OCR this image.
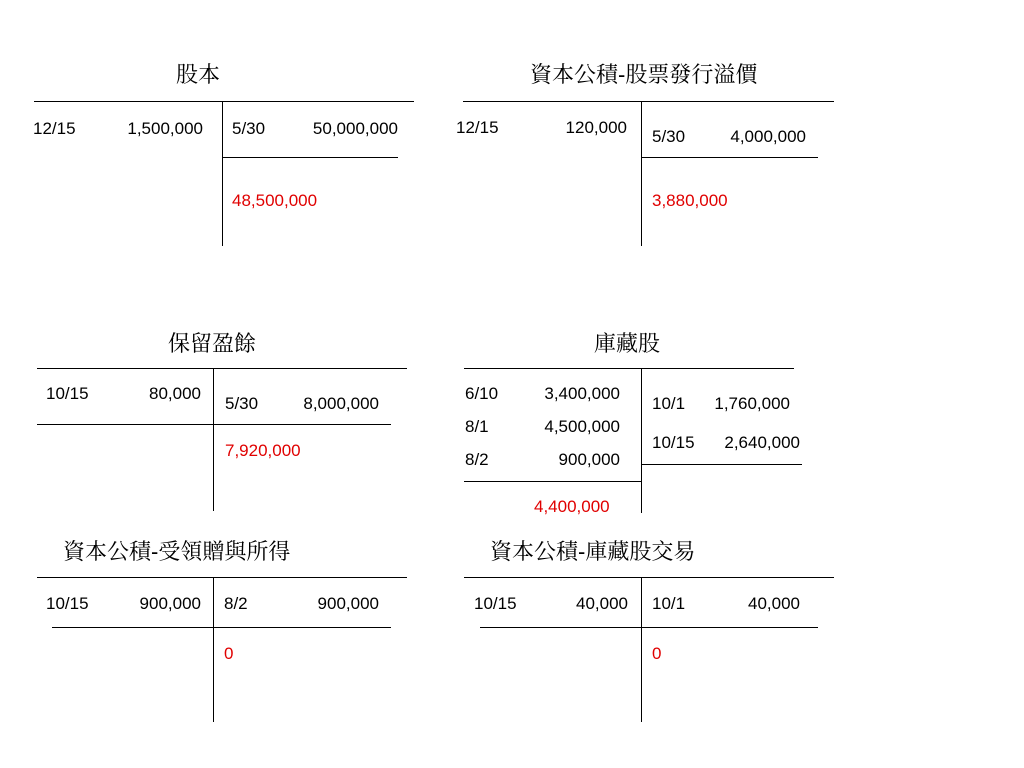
股本
12/15	1,500,000 5/30	50,000,000
48,500,000
資本公積-股票發行溢價
12/15	120,000 5/30	4,000,000
3,880,000
保留盈餘
10/15	80,000
5/30	8,000,000
7,920,000
庫藏股
6/10	3,400,000
8/1	4,500,000
8/2	900,000
10/1	1,760,000
10/15	2,640,000
4,400,000
資本公積-受領贈與所得
10/15	900,000 8/2	900,000
0
資本公積-庫藏股交易
10/15	40,000 10/1	40,000
0
